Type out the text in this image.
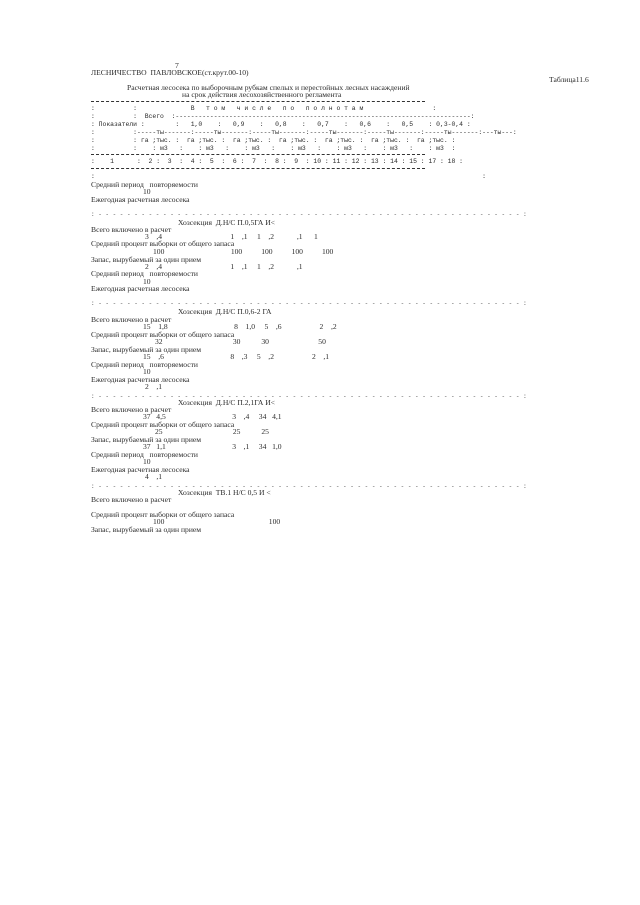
7
ЛЕСНИЧЕСТВО  ПАВЛОВСКОЕ(ст.крут.00-10)
Таблица11.6
Расчетная лесосека по выборочным рубкам спелых и перестойных лесных насаждений
на срок действия лесохозяйственного регламента
:          :              В   т о м   ч и с л е   п о   п о л н о т а м                  :
:          :  Всего  :-----------------------------------------------------------------------------:
: Показатели :        :   1,0    :   0,9    :   0,8    :   0,7    :   0,6    :   0,5    : 0,3-0,4 :
:          :-----ты-------:-----ты-------:-----ты-------:-----ты-------:-----ты-------:-----ты-------:---ты---:
:          : га ;тыс. :  га ;тыс. :  га ;тыс. :  га ;тыс. :  га ;тыс. :  га ;тыс. :  га ;тыс. :
:          :    : м3   :    : м3   :    : м3   :    : м3   :    : м3   :    : м3   :    : м3  :
:    1      :  2 :  3  :  4 :  5  :  6 :  7  :  8 :  9  : 10 : 11 : 12 : 13 : 14 : 15 : 17 : 18 :
:                                                                                                     :
Средний период   повторяемости
10
Ежегодная расчетная лесосека
: - - - - - - - - - - - - - - - - - - - - - - - - - - - - - - - - - - - - - - - - - - - - - - - - - - - - - - - - - - - :
Хозсекция  Д.Н/С П.0,5ГА И<
Всего включено в расчет
3    ,4                                    1    ,1     1    ,2            ,1      1
Средний процент выборки от общего запаса
100                                   100          100          100          100
Запас, вырубаемый за один прием
2    ,4                                    1    ,1     1    ,2            ,1
Средний период   повторяемости
10
Ежегодная расчетная лесосека
: - - - - - - - - - - - - - - - - - - - - - - - - - - - - - - - - - - - - - - - - - - - - - - - - - - - - - - - - - - - :
Хозсекция  Д.Н/С П.0,6-2 ГА
Всего включено в расчет
15    1,8                                   8    1,0     5    ,6                    2    ,2
Средний процент выборки от общего запаса
32                                     30           30                          50
Запас, вырубаемый за один прием
15    ,6                                   8    ,3     5    ,2                    2    ,1
Средний период   повторяемости
10
Ежегодная расчетная лесосека
2    ,1
: - - - - - - - - - - - - - - - - - - - - - - - - - - - - - - - - - - - - - - - - - - - - - - - - - - - - - - - - - - - :
Хозсекция  Д.Н/С П.2,1ГА И<
Всего включено в расчет
37   4,5                                   3    ,4     34   4,1
Средний процент выборки от общего запаса
25                                     25           25
Запас, вырубаемый за один прием
37   1,1                                   3    ,1     34   1,0
Средний период   повторяемости
10
Ежегодная расчетная лесосека
4    ,1
: - - - - - - - - - - - - - - - - - - - - - - - - - - - - - - - - - - - - - - - - - - - - - - - - - - - - - - - - - - - :
Хозсекция  ТВ.1 Н/С 0,5 И <
Всего включено в расчет
Средний процент выборки от общего запаса
100                                                       100
Запас, вырубаемый за один прием
